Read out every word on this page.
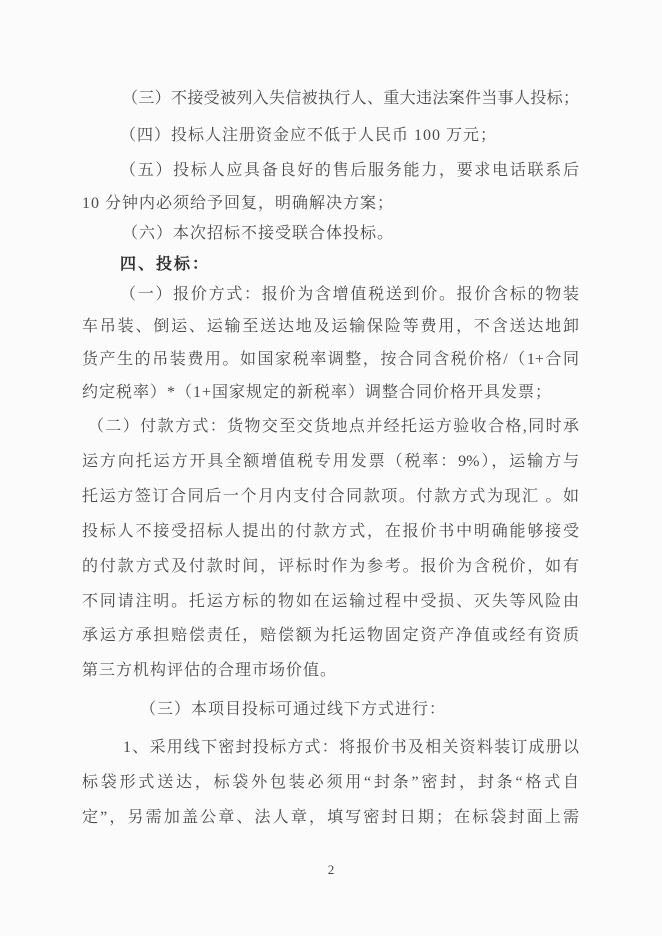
（三）不接受被列入失信被执行人、重大违法案件当事人投标；
（四）投标人注册资金应不低于人民币 100 万元；
（五）投标人应具备良好的售后服务能力，要求电话联系后
10 分钟内必须给予回复，明确解决方案；
（六）本次招标不接受联合体投标。
四、投标：
（一）报价方式：报价为含增值税送到价。报价含标的物装
车吊装、倒运、运输至送达地及运输保险等费用，不含送达地卸
货产生的吊装费用。如国家税率调整，按合同含税价格/（1+合同
约定税率）*（1+国家规定的新税率）调整合同价格开具发票；
（二）付款方式：货物交至交货地点并经托运方验收合格,同时承
运方向托运方开具全额增值税专用发票（税率：9%），运输方与
托运方签订合同后一个月内支付合同款项。付款方式为现汇 。如
投标人不接受招标人提出的付款方式，在报价书中明确能够接受
的付款方式及付款时间，评标时作为参考。报价为含税价，如有
不同请注明。托运方标的物如在运输过程中受损、灭失等风险由
承运方承担赔偿责任，赔偿额为托运物固定资产净值或经有资质
第三方机构评估的合理市场价值。
（三）本项目投标可通过线下方式进行：
1、采用线下密封投标方式：将报价书及相关资料装订成册以
标袋形式送达，标袋外包装必须用“封条”密封，封条“格式自
定”，另需加盖公章、法人章，填写密封日期；在标袋封面上需
2
